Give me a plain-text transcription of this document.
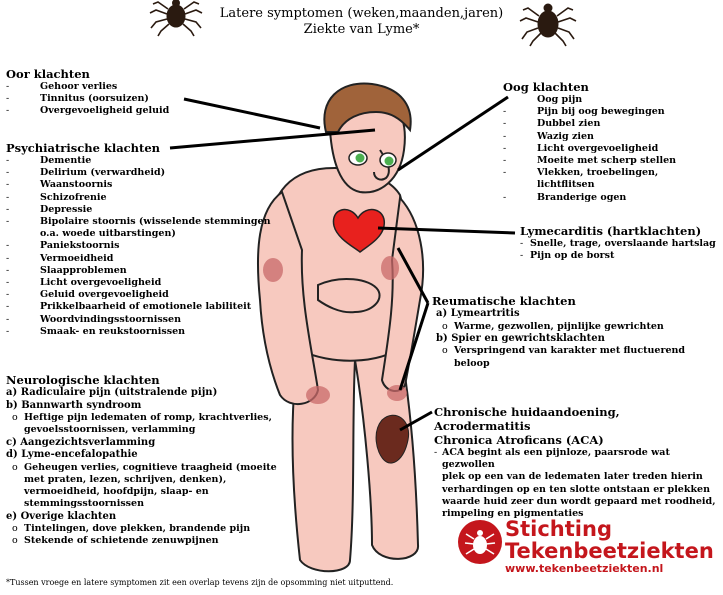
Latere symptomen (weken,maanden,jaren)
Ziekte van Lyme*
Oor klachten
-	Gehoor verlies
-	Tinnitus (oorsuizen)
-	Overgevoeligheid geluid
Psychiatrische klachten
-	Dementie
-	Delirium (verwardheid)
-	Waanstoornis
-	Schizofrenie
-	Depressie
-	Bipolaire stoornis (wisselende stemmingen
o.a. woede uitbarstingen)
-	Paniekstoornis
-	Vermoeidheid
-	Slaapproblemen
-	Licht overgevoeligheid
-	Geluid overgevoeligheid
-	Prikkelbaarheid of emotionele labiliteit
-	Woordvindingsstoornissen
-	Smaak- en reukstoornissen
Neurologische klachten
a) Radiculaire pijn (uitstralende pijn)
b) Bannwarth syndroom
o Heftige pijn ledematen of romp, krachtverlies,
gevoelsstoornissen, verlamming
c) Aangezichtsverlamming
d) Lyme-encefalopathie
o Geheugen verlies, cognitieve traagheid (moeite
met praten, lezen, schrijven, denken),
vermoeidheid, hoofdpijn, slaap- en
stemmingsstoornissen
e) Overige klachten
o Tintelingen, dove plekken, brandende pijn
o Stekende of schietende zenuwpijnen
Oog klachten
-	Oog pijn
-	Pijn bij oog bewegingen
-	Dubbel zien
-	Wazig zien
-	Licht overgevoeligheid
-	Moeite met scherp stellen
-	Vlekken, troebelingen, lichtflitsen
-	Branderige ogen
Lymecarditis (hartklachten)
- Snelle, trage, overslaande hartslag
- Pijn op de borst
Reumatische klachten
a) Lymeartritis
o Warme, gezwollen, pijnlijke gewrichten
b) Spier en gewrichtsklachten
o Verspringend van karakter met fluctuerend beloop
Chronische huidaandoening, Acrodermatitis
Chronica Atroficans (ACA)
- ACA begint als een pijnloze, paarsrode wat gezwollen
plek op een van de ledematen later treden hierin
verhardingen op en ten slotte ontstaan er plekken
waarde huid zeer dun wordt gepaard met roodheid,
rimpeling en pigmentaties
Stichting
Tekenbeetziekten
www.tekenbeetziekten.nl
*Tussen vroege en latere symptomen zit een overlap tevens zijn de opsomming niet uitputtend.
